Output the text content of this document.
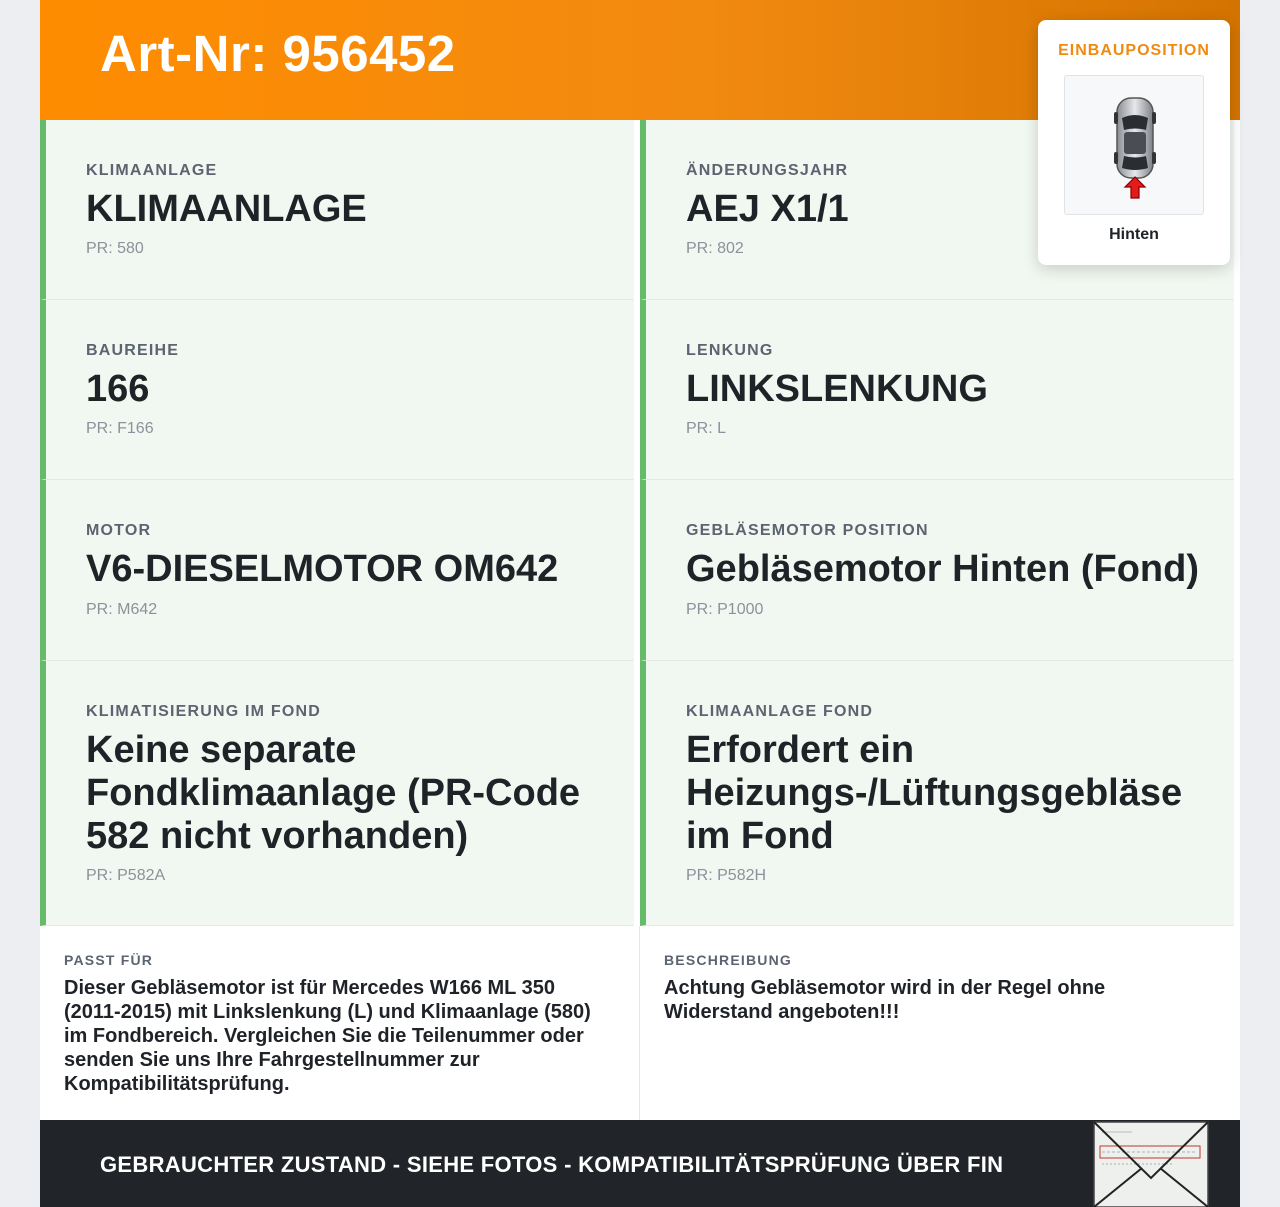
Art-Nr: 956452
KLIMAANLAGE
KLIMAANLAGE
PR: 580
ÄNDERUNGSJAHR
AEJ X1/1
PR: 802
BAUREIHE
166
PR: F166
LENKUNG
LINKSLENKUNG
PR: L
MOTOR
V6-DIESELMOTOR OM642
PR: M642
GEBLÄSEMOTOR POSITION
Gebläsemotor Hinten (Fond)
PR: P1000
KLIMATISIERUNG IM FOND
Keine separate Fondklimaanlage (PR-Code 582 nicht vorhanden)
PR: P582A
KLIMAANLAGE FOND
Erfordert ein Heizungs-/Lüftungsgebläse im Fond
PR: P582H
PASST FÜR
Dieser Gebläsemotor ist für Mercedes W166 ML 350 (2011-2015) mit Linkslenkung (L) und Klimaanlage (580) im Fondbereich. Vergleichen Sie die Teilenummer oder senden Sie uns Ihre Fahrgestellnummer zur Kompatibilitätsprüfung.
BESCHREIBUNG
Achtung Gebläsemotor wird in der Regel ohne Widerstand angeboten!!!
GEBRAUCHTER ZUSTAND - SIEHE FOTOS - KOMPATIBILITÄTSPRÜFUNG ÜBER FIN
EINBAUPOSITION
Hinten
